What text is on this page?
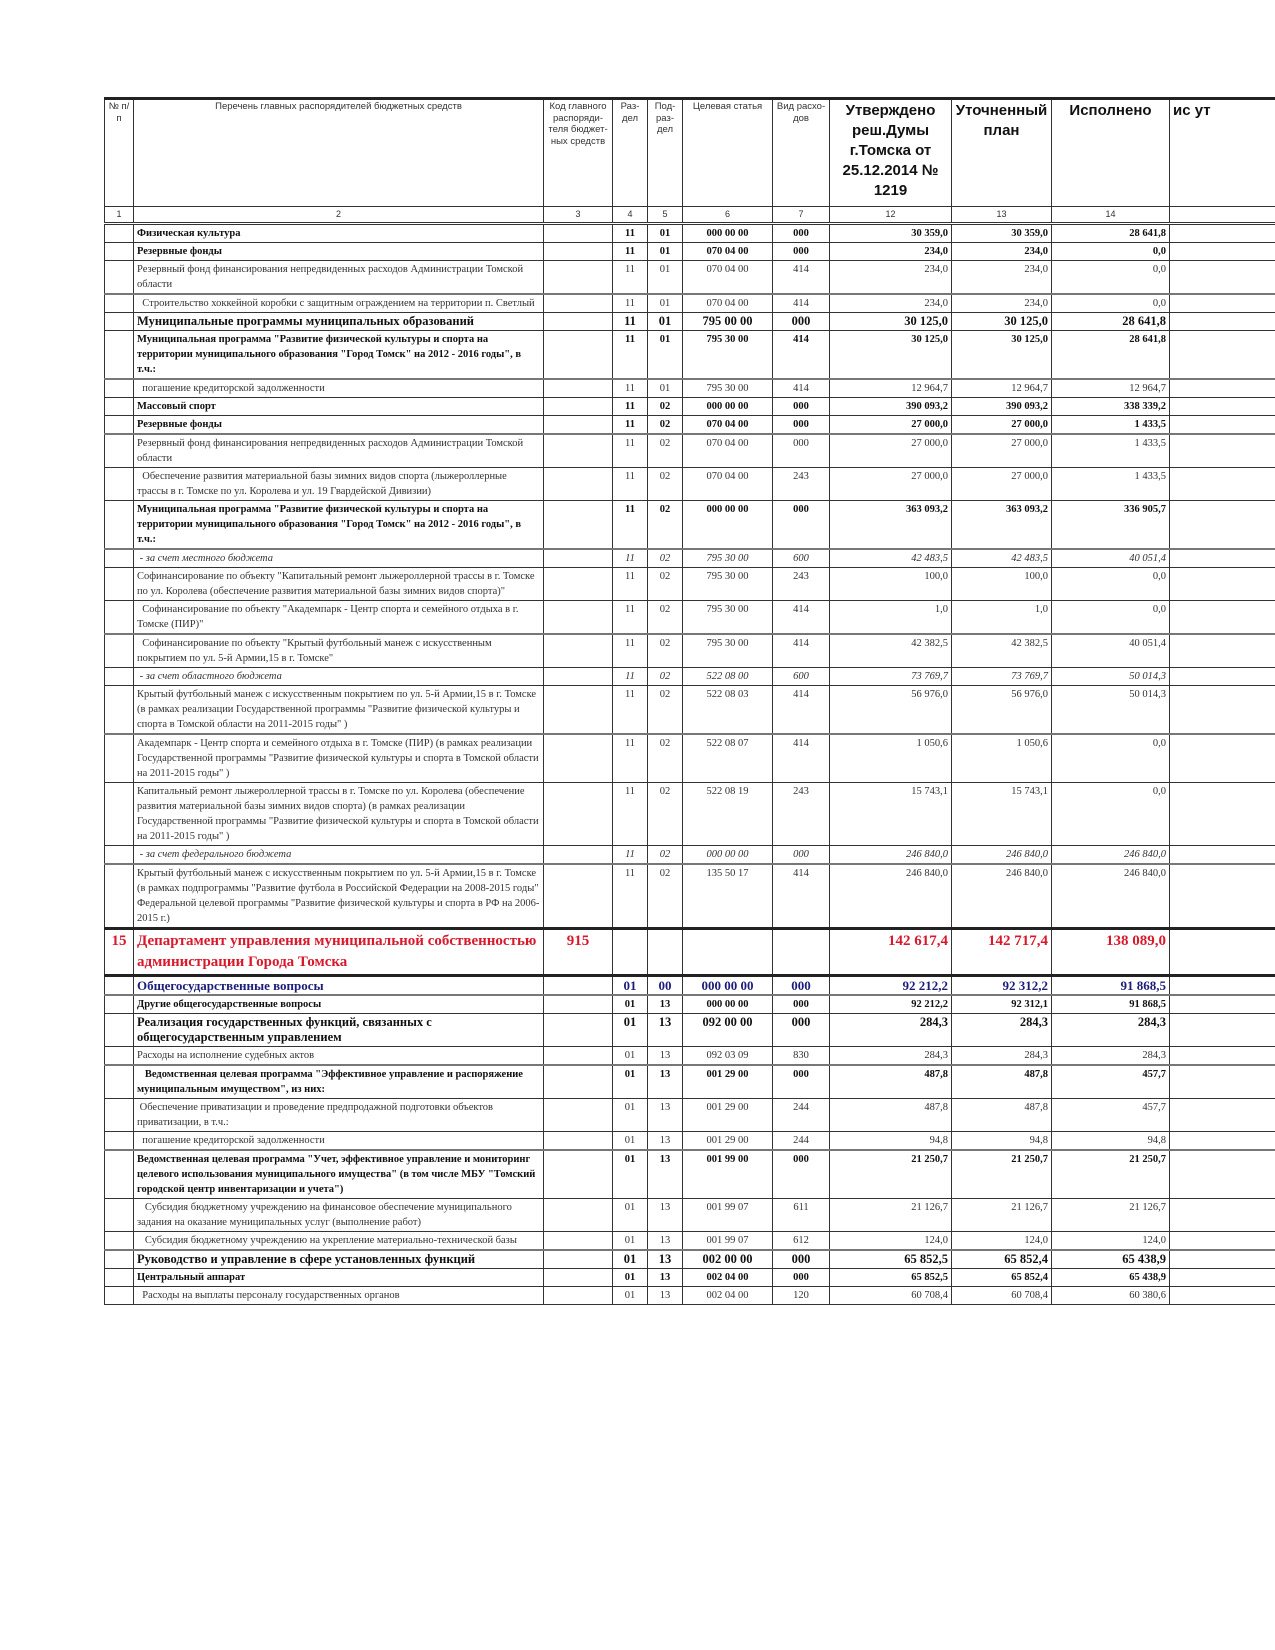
№ п/п	Перечень главных распорядителей бюджетных средств	Код главного распоряди-теля бюджет-ных средств	Раз-дел	Под-раз-дел	Целевая статья	Вид расхо-дов	Утверждено реш.Думы г.Томска от 25.12.2014 № 1219	Уточненный план	Исполнено	ис ут
1	2	3	4	5	6	7	12	13	14	
	Физическая культура		11	01	000 00 00	000	30 359,0	30 359,0	28 641,8	
	Резервные фонды		11	01	070 04 00	000	234,0	234,0	0,0	
	Резервный фонд финансирования непредвиденных расходов Администрации Томской области		11	01	070 04 00	414	234,0	234,0	0,0	
	Строительство хоккейной коробки с защитным ограждением на территории п. Светлый		11	01	070 04 00	414	234,0	234,0	0,0	
	Муниципальные программы муниципальных образований		11	01	795 00 00	000	30 125,0	30 125,0	28 641,8	
	Муниципальная программа "Развитие физической культуры и спорта на территории муниципального образования "Город Томск" на 2012 - 2016 годы", в т.ч.:		11	01	795 30 00	414	30 125,0	30 125,0	28 641,8	
	погашение кредиторской задолженности		11	01	795 30 00	414	12 964,7	12 964,7	12 964,7	
	Массовый спорт		11	02	000 00 00	000	390 093,2	390 093,2	338 339,2	
	Резервные фонды		11	02	070 04 00	000	27 000,0	27 000,0	1 433,5	
	Резервный фонд финансирования непредвиденных расходов Администрации Томской области		11	02	070 04 00	000	27 000,0	27 000,0	1 433,5	
	Обеспечение развития материальной базы зимних видов спорта (лыжероллерные трассы в г. Томске по ул. Королева и ул. 19 Гвардейской Дивизии)		11	02	070 04 00	243	27 000,0	27 000,0	1 433,5	
	Муниципальная программа "Развитие физической культуры и спорта на территории муниципального образования "Город Томск" на 2012 - 2016 годы", в т.ч.:		11	02	000 00 00	000	363 093,2	363 093,2	336 905,7	
	- за счет местного бюджета		11	02	795 30 00	600	42 483,5	42 483,5	40 051,4	
	Софинансирование по объекту "Капитальный ремонт лыжероллерной трассы в г. Томске по ул. Королева (обеспечение развития материальной базы зимних видов спорта)"		11	02	795 30 00	243	100,0	100,0	0,0	
	Софинансирование по объекту "Академпарк - Центр спорта и семейного отдыха в г. Томске (ПИР)"		11	02	795 30 00	414	1,0	1,0	0,0	
	Софинансирование по объекту "Крытый футбольный манеж с искусственным покрытием по ул. 5-й Армии,15 в г. Томске"		11	02	795 30 00	414	42 382,5	42 382,5	40 051,4	
	- за счет областного бюджета		11	02	522 08 00	600	73 769,7	73 769,7	50 014,3	
	Крытый футбольный манеж с искусственным покрытием по ул. 5-й Армии,15 в г. Томске (в рамках реализации Государственной программы "Развитие физической культуры и спорта в Томской области на 2011-2015 годы" )		11	02	522 08 03	414	56 976,0	56 976,0	50 014,3	
	Академпарк - Центр спорта и семейного отдыха в г. Томске (ПИР) (в рамках реализации Государственной программы "Развитие физической культуры и спорта в Томской области на 2011-2015 годы" )		11	02	522 08 07	414	1 050,6	1 050,6	0,0	
	Капитальный ремонт лыжероллерной трассы в г. Томске по ул. Королева (обеспечение развития материальной базы зимних видов спорта) (в рамках реализации Государственной программы "Развитие физической культуры и спорта в Томской области на 2011-2015 годы" )		11	02	522 08 19	243	15 743,1	15 743,1	0,0	
	- за счет федерального бюджета		11	02	000 00 00	000	246 840,0	246 840,0	246 840,0	
	Крытый футбольный манеж с искусственным покрытием по ул. 5-й Армии,15 в г. Томске (в рамках подпрограммы "Развитие футбола в Российской Федерации на 2008-2015 годы" Федеральной целевой программы "Развитие физической культуры и спорта в РФ на 2006-2015 г.)		11	02	135 50 17	414	246 840,0	246 840,0	246 840,0	
15	Департамент управления муниципальной собственностью администрации Города Томска	915					142 617,4	142 717,4	138 089,0	
	Общегосударственные вопросы		01	00	000 00 00	000	92 212,2	92 312,2	91 868,5	
	Другие общегосударственные вопросы		01	13	000 00 00	000	92 212,2	92 312,1	91 868,5	
	Реализация государственных функций, связанных с общегосударственным управлением		01	13	092 00 00	000	284,3	284,3	284,3	
	Расходы на исполнение судебных актов		01	13	092 03 09	830	284,3	284,3	284,3	
	Ведомственная целевая программа "Эффективное управление и распоряжение муниципальным имуществом", из них:		01	13	001 29 00	000	487,8	487,8	457,7	
	Обеспечение приватизации и проведение предпродажной подготовки объектов приватизации, в т.ч.:		01	13	001 29 00	244	487,8	487,8	457,7	
	погашение кредиторской задолженности		01	13	001 29 00	244	94,8	94,8	94,8	
	Ведомственная целевая программа "Учет, эффективное управление и мониторинг целевого использования муниципального имущества" (в том числе МБУ "Томский городской центр инвентаризации и учета")		01	13	001 99 00	000	21 250,7	21 250,7	21 250,7	
	Субсидия бюджетному учреждению на финансовое обеспечение муниципального задания на оказание муниципальных услуг (выполнение работ)		01	13	001 99 07	611	21 126,7	21 126,7	21 126,7	
	Субсидия бюджетному учреждению на укрепление материально-технической базы		01	13	001 99 07	612	124,0	124,0	124,0	
	Руководство и управление в сфере установленных функций		01	13	002 00 00	000	65 852,5	65 852,4	65 438,9	
	Центральный аппарат		01	13	002 04 00	000	65 852,5	65 852,4	65 438,9	
	Расходы на выплаты персоналу государственных органов		01	13	002 04 00	120	60 708,4	60 708,4	60 380,6	
